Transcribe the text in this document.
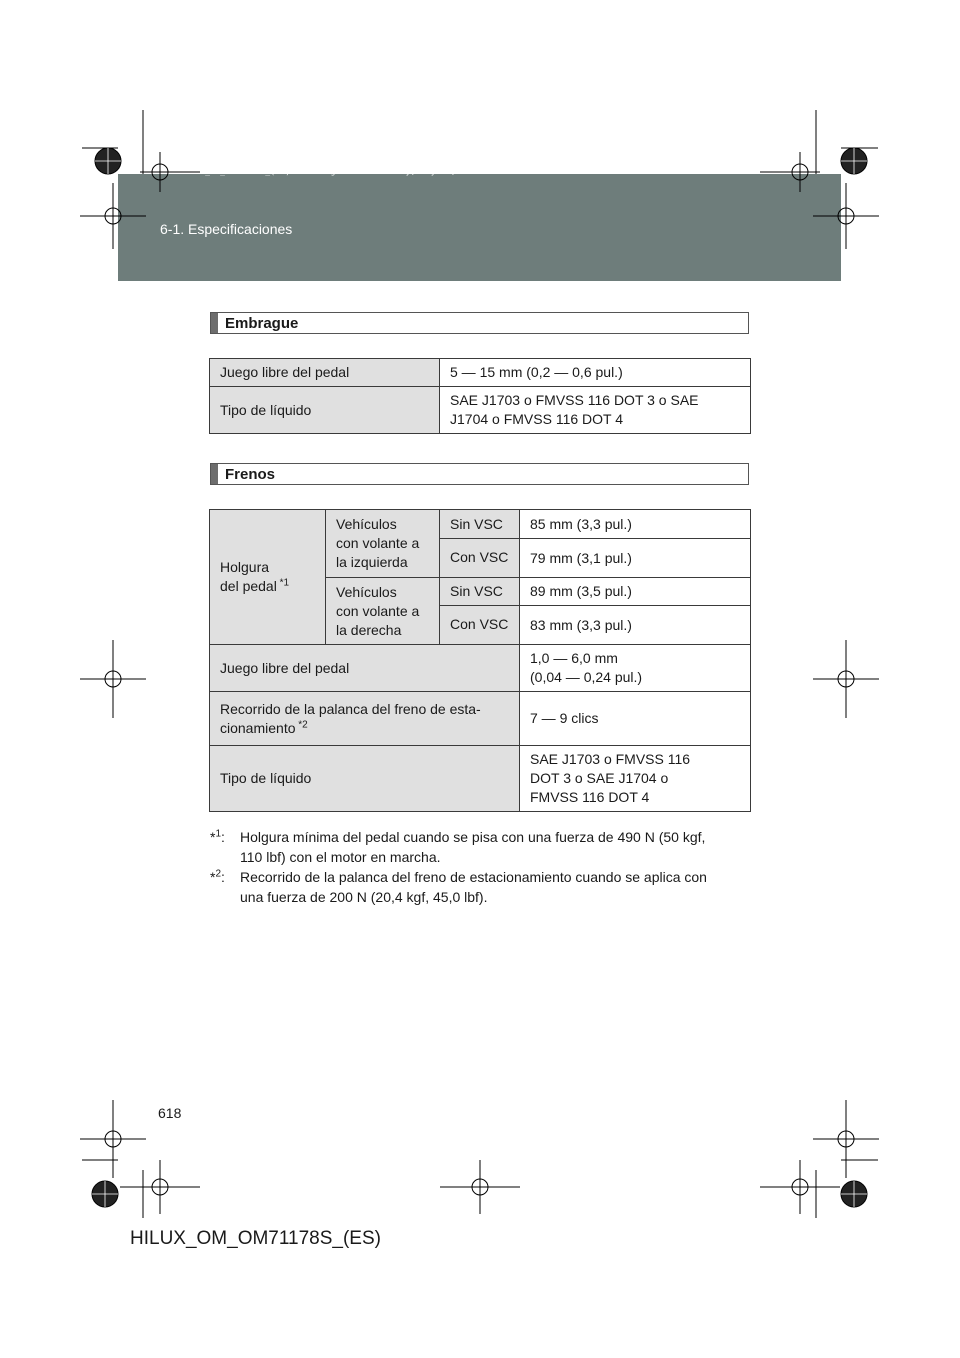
HILUX_OM_OM71178S_(ES).book Page 618 Wednesday, May 16, 2012 3:09 PM
6-1. Especificaciones
Embrague
Juego libre del pedal	5 — 15 mm (0,2 — 0,6 pul.)
Tipo de líquido	SAE J1703 o FMVSS 116 DOT 3 o SAE
J1704 o FMVSS 116 DOT 4
Frenos
Holgura
del pedal $^{*1}$	Vehículos
con volante a
la izquierda	Sin VSC	85 mm (3,3 pul.)
		Con VSC	79 mm (3,1 pul.)
	Vehículos
con volante a
la derecha	Sin VSC	89 mm (3,5 pul.)
		Con VSC	83 mm (3,3 pul.)
Juego libre del pedal			1,0 — 6,0 mm
(0,04 — 0,24 pul.)
Recorrido de la palanca del freno de esta-
cionamiento $^{*2}$			7 — 9 clics
Tipo de líquido			SAE J1703 o FMVSS 116
DOT 3 o SAE J1704 o
FMVSS 116 DOT 4
*$^1$: Holgura mínima del pedal cuando se pisa con una fuerza de 490 N (50 kgf,
110 lbf) con el motor en marcha.
*$^2$: Recorrido de la palanca del freno de estacionamiento cuando se aplica con
una fuerza de 200 N (20,4 kgf, 45,0 lbf).
618
HILUX_OM_OM71178S_(ES)
